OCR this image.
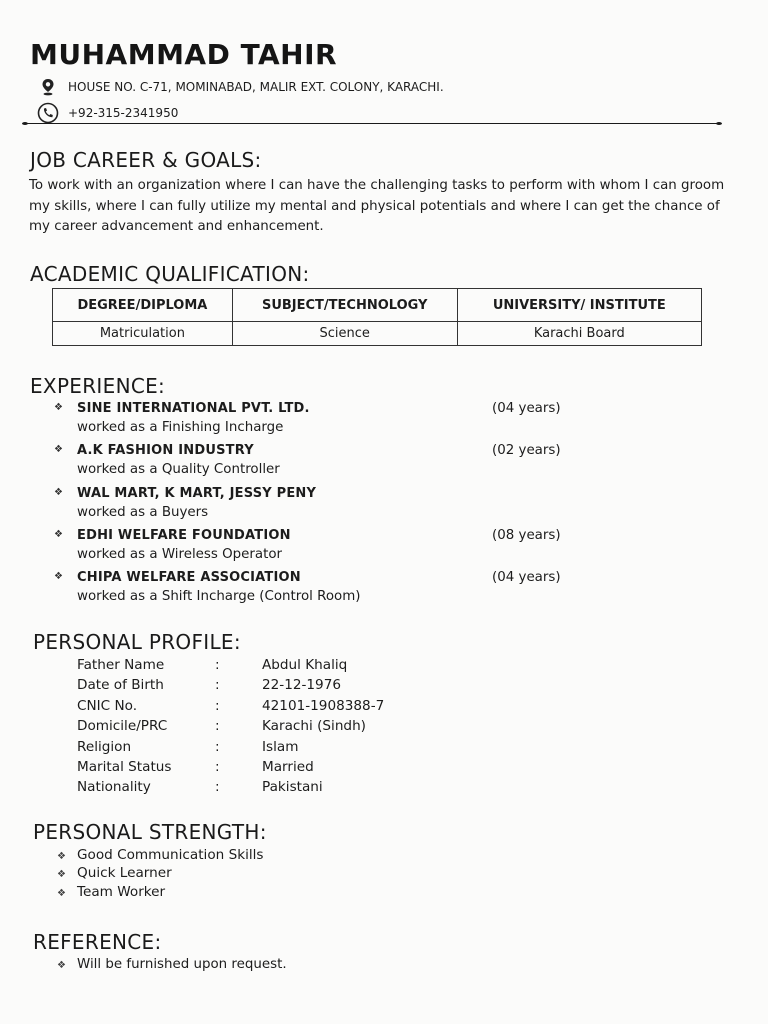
MUHAMMAD TAHIR
HOUSE NO. C-71, MOMINABAD, MALIR EXT. COLONY, KARACHI.
+92-315-2341950
JOB CAREER & GOALS:
To work with an organization where I can have the challenging tasks to perform with whom I can groom my skills, where I can fully utilize my mental and physical potentials and where I can get the chance of my career advancement and enhancement.
ACADEMIC QUALIFICATION:
DEGREE/DIPLOMA	SUBJECT/TECHNOLOGY	UNIVERSITY/ INSTITUTE
Matriculation	Science	Karachi Board
EXPERIENCE:
❖ SINE INTERNATIONAL PVT. LTD.	(04 years)
worked as a Finishing Incharge
❖ A.K FASHION INDUSTRY	(02 years)
worked as a Quality Controller
❖ WAL MART, K MART, JESSY PENY
worked as a Buyers
❖ EDHI WELFARE FOUNDATION	(08 years)
worked as a Wireless Operator
❖ CHIPA WELFARE ASSOCIATION	(04 years)
worked as a Shift Incharge (Control Room)
PERSONAL PROFILE:
Father Name	:	Abdul Khaliq
Date of Birth	:	22-12-1976
CNIC No.	:	42101-1908388-7
Domicile/PRC	:	Karachi (Sindh)
Religion	:	Islam
Marital Status	:	Married
Nationality	:	Pakistani
PERSONAL STRENGTH:
❖ Good Communication Skills
❖ Quick Learner
❖ Team Worker
REFERENCE:
❖ Will be furnished upon request.
